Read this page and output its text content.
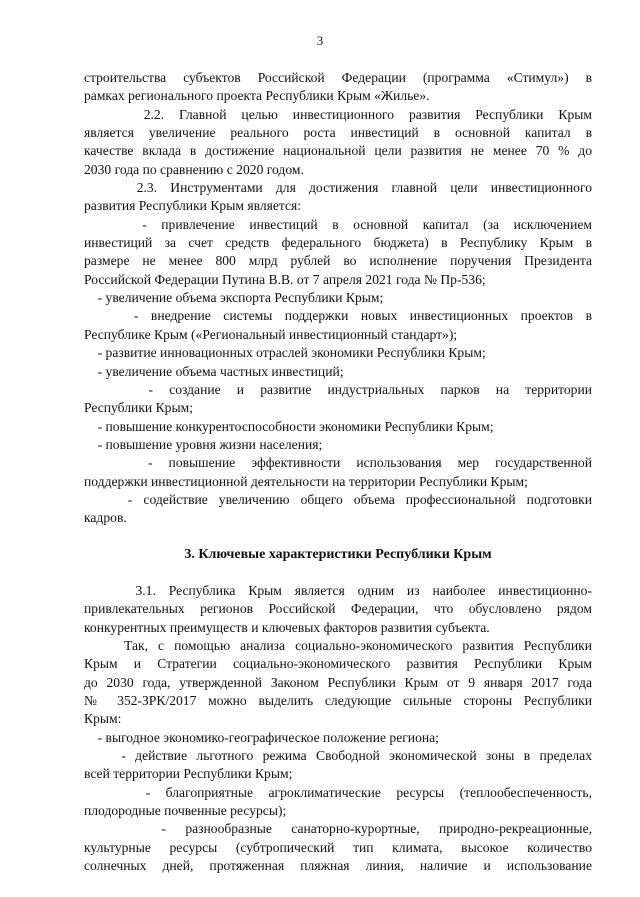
3
строительства субъектов Российской Федерации (программа «Стимул») в
рамках регионального проекта Республики Крым «Жилье».
2.2. Главной целью инвестиционного развития Республики Крым
является увеличение реального роста инвестиций в основной капитал в
качестве вклада в достижение национальной цели развития не менее 70 % до
2030 года по сравнению с 2020 годом.
2.3. Инструментами для достижения главной цели инвестиционного
развития Республики Крым является:
- привлечение инвестиций в основной капитал (за исключением
инвестиций за счет средств федерального бюджета) в Республику Крым в
размере не менее 800 млрд рублей во исполнение поручения Президента
Российской Федерации Путина В.В. от 7 апреля 2021 года № Пр-536;
- увеличение объема экспорта Республики Крым;
- внедрение системы поддержки новых инвестиционных проектов в
Республике Крым («Региональный инвестиционный стандарт»);
- развитие инновационных отраслей экономики Республики Крым;
- увеличение объема частных инвестиций;
- создание и развитие индустриальных парков на территории
Республики Крым;
- повышение конкурентоспособности экономики Республики Крым;
- повышение уровня жизни населения;
- повышение эффективности использования мер государственной
поддержки инвестиционной деятельности на территории Республики Крым;
- содействие увеличению общего объема профессиональной подготовки
кадров.
3. Ключевые характеристики Республики Крым
3.1. Республика Крым является одним из наиболее инвестиционно-
привлекательных регионов Российской Федерации, что обусловлено рядом
конкурентных преимуществ и ключевых факторов развития субъекта.
Так, с помощью анализа социально-экономического развития Республики
Крым и Стратегии социально-экономического развития Республики Крым
до 2030 года, утвержденной Законом Республики Крым от 9 января 2017 года
№ 352-ЗРК/2017 можно выделить следующие сильные стороны Республики
Крым:
- выгодное экономико-географическое положение региона;
- действие льготного режима Свободной экономической зоны в пределах
всей территории Республики Крым;
- благоприятные агроклиматические ресурсы (теплообеспеченность,
плодородные почвенные ресурсы);
- разнообразные санаторно-курортные, природно-рекреационные,
культурные ресурсы (субтропический тип климата, высокое количество
солнечных дней, протяженная пляжная линия, наличие и использование
